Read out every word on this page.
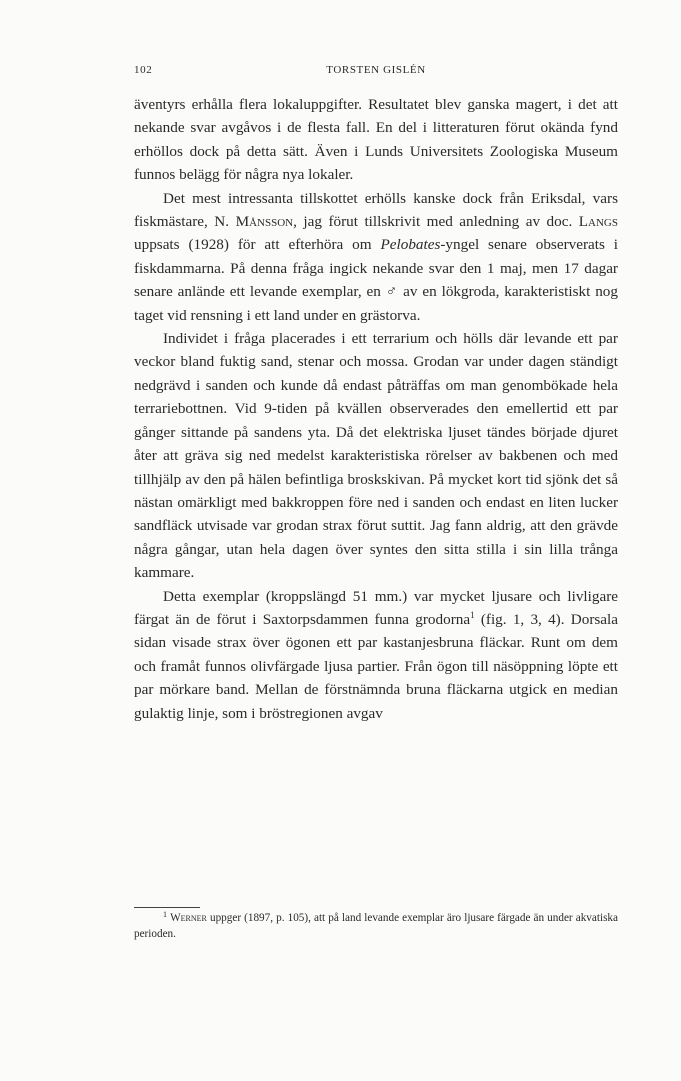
102	TORSTEN GISLÉN

äventyrs erhålla flera lokaluppgifter. Resultatet blev ganska magert, i det att nekande svar avgåvos i de flesta fall. En del i litteraturen förut okända fynd erhöllos dock på detta sätt. Även i Lunds Universitets Zoologiska Museum funnos belägg för några nya lokaler.

Det mest intressanta tillskottet erhölls kanske dock från Eriksdal, vars fiskmästare, N. Månsson, jag förut tillskrivit med anledning av doc. Langs uppsats (1928) för att efterhöra om Pelobates-yngel senare observerats i fiskdammarna. På denna fråga ingick nekande svar den 1 maj, men 17 dagar senare anlände ett levande exemplar, en ♂ av en lökgroda, karakteristiskt nog taget vid rensning i ett land under en grästorva.

Individet i fråga placerades i ett terrarium och hölls där levande ett par veckor bland fuktig sand, stenar och mossa. Grodan var under dagen ständigt nedgrävd i sanden och kunde då endast påträffas om man genombökade hela terrariebottnen. Vid 9-tiden på kvällen observerades den emellertid ett par gånger sittande på sandens yta. Då det elektriska ljuset tändes började djuret åter att gräva sig ned medelst karakteristiska rörelser av bakbenen och med tillhjälp av den på hälen befintliga broskskivan. På mycket kort tid sjönk det så nästan omärkligt med bakkroppen före ned i sanden och endast en liten lucker sandfläck utvisade var grodan strax förut suttit. Jag fann aldrig, att den grävde några gångar, utan hela dagen över syntes den sitta stilla i sin lilla trånga kammare.

Detta exemplar (kroppslängd 51 mm.) var mycket ljusare och livligare färgat än de förut i Saxtorpsdammen funna grodorna$^1$ (fig. 1, 3, 4). Dorsala sidan visade strax över ögonen ett par kastanjesbruna fläckar. Runt om dem och framåt funnos olivfärgade ljusa partier. Från ögon till näsöppning löpte ett par mörkare band. Mellan de förstnämnda bruna fläckarna utgick en median gulaktig linje, som i bröstregionen avgav

$^1$ Werner uppger (1897, p. 105), att på land levande exemplar äro ljusare färgade än under akvatiska perioden.
